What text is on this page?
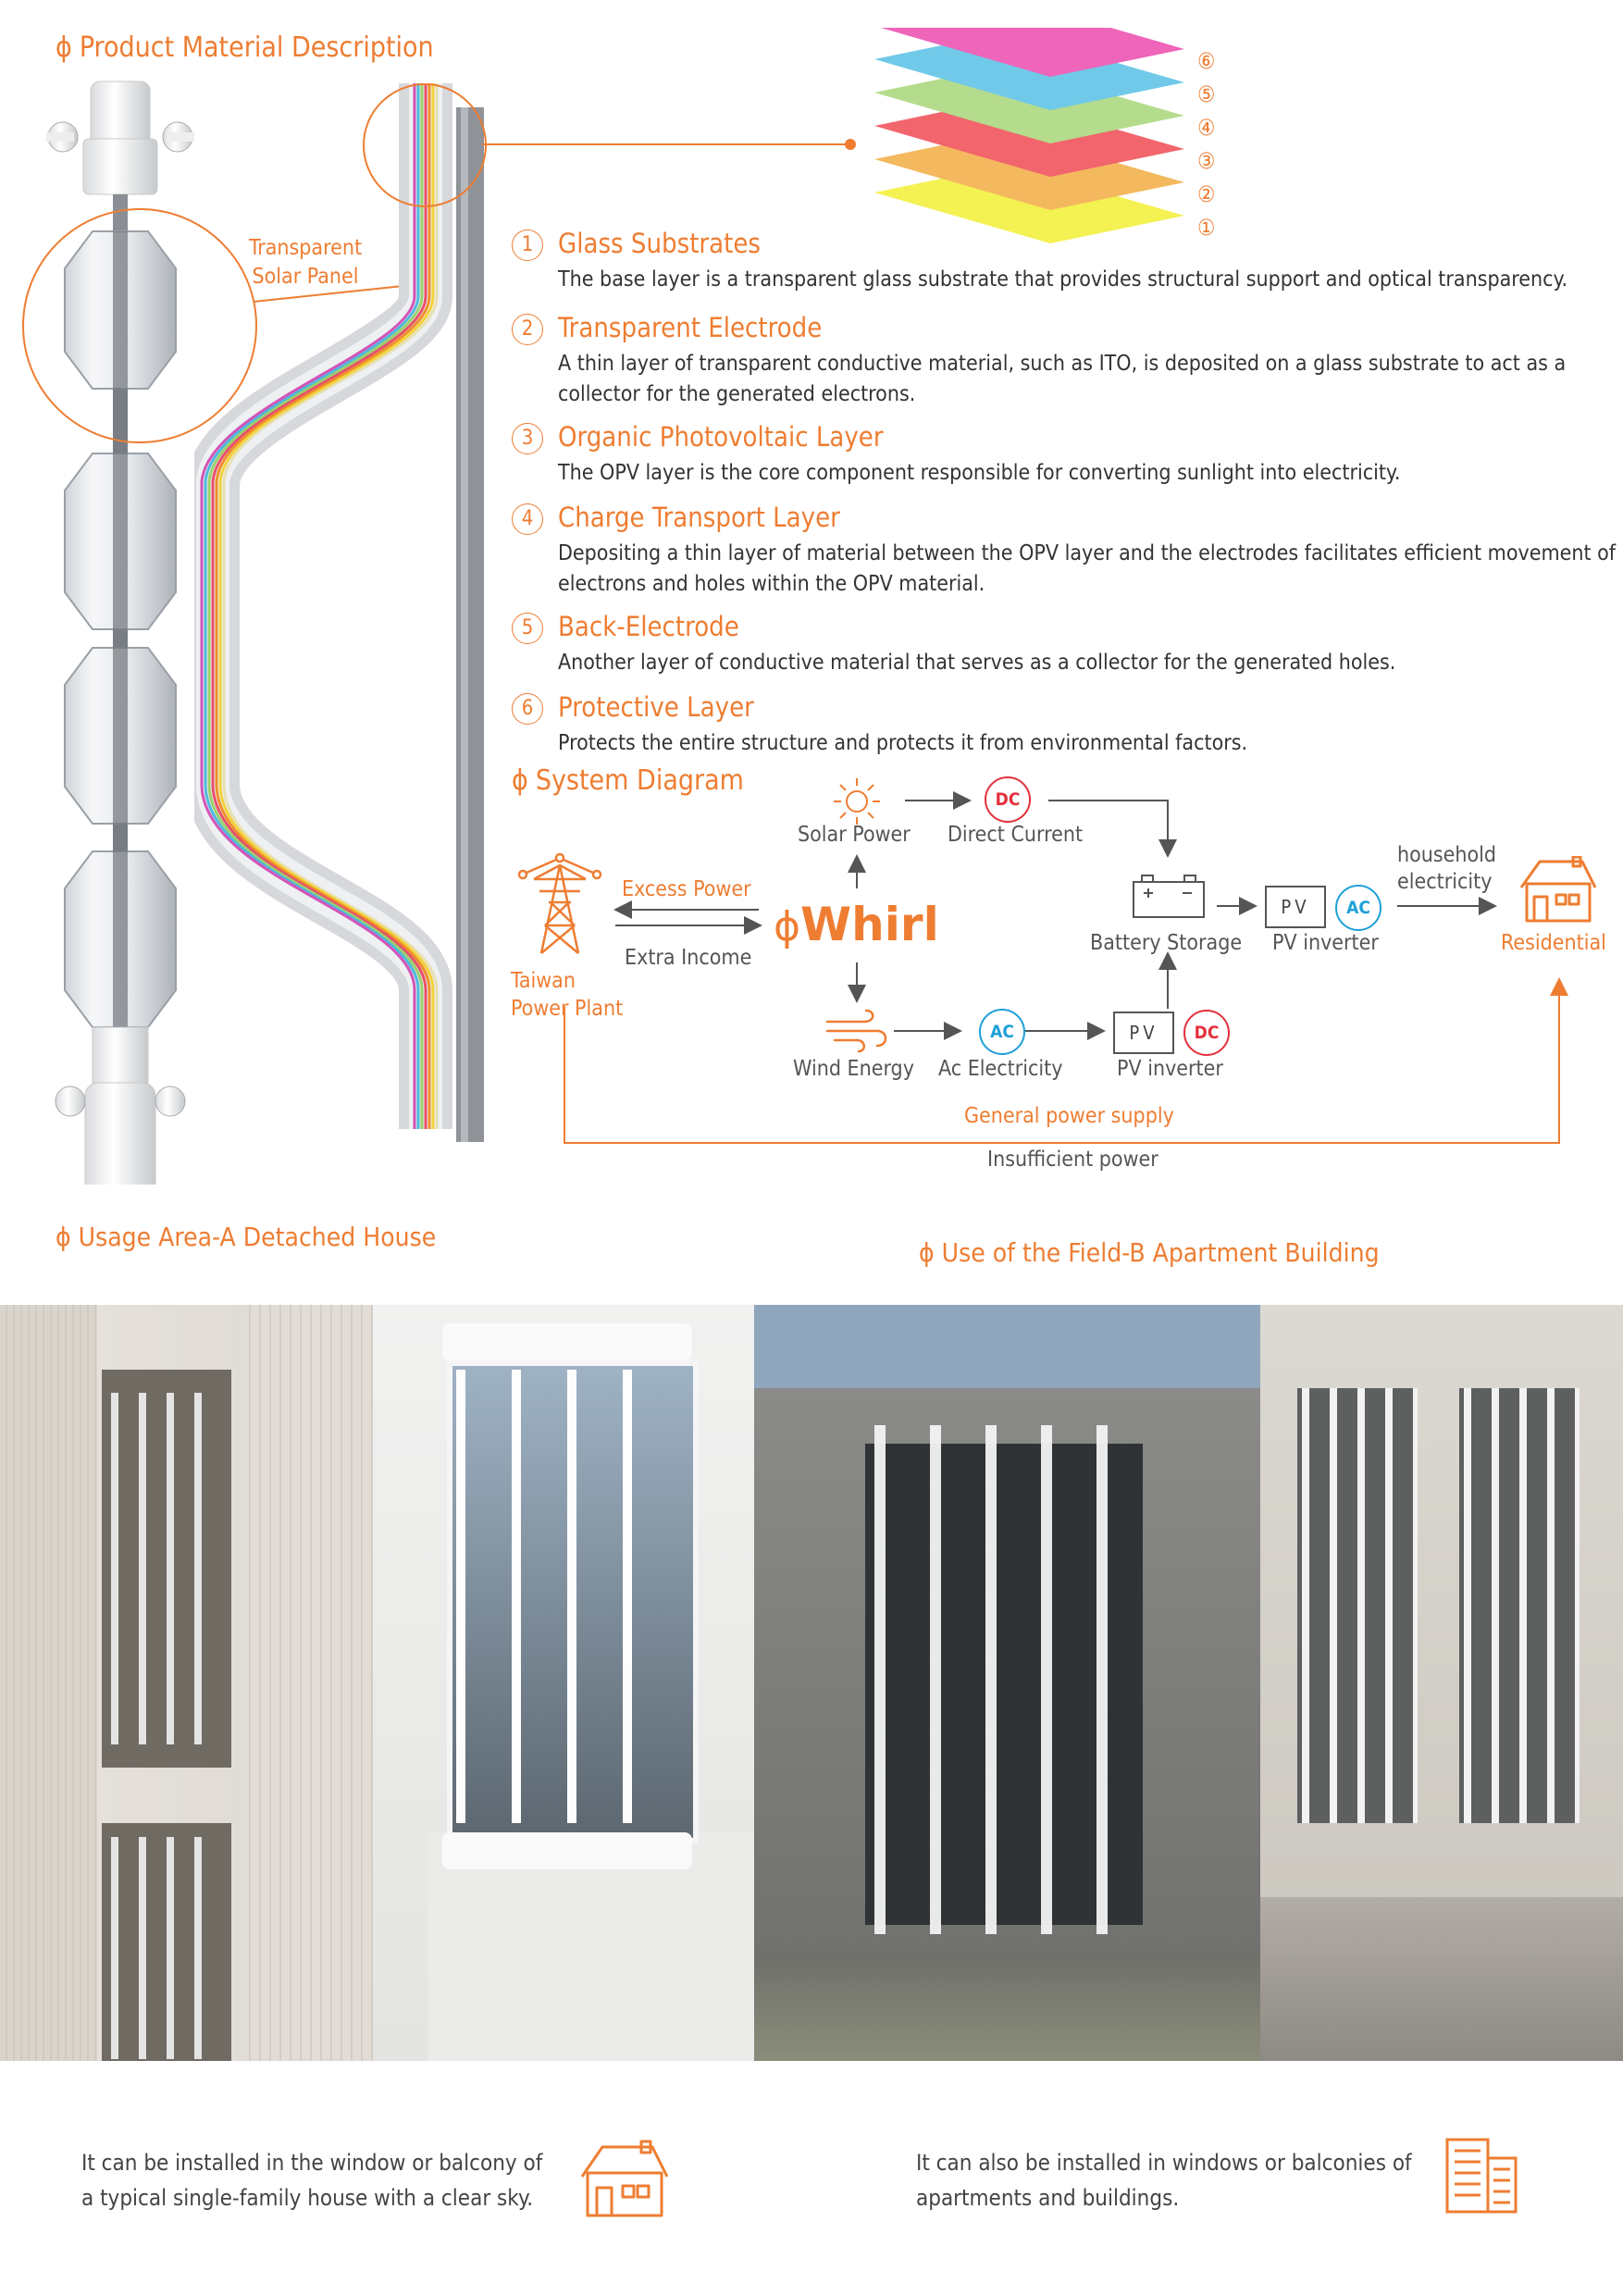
ɸ Product Material Description
Transparent
Solar Panel
⑥
⑤
④
③
②
①
1 Glass Substrates
The base layer is a transparent glass substrate that provides structural support and optical transparency.
2 Transparent Electrode
A thin layer of transparent conductive material, such as ITO, is deposited on a glass substrate to act as a collector for the generated electrons.
3 Organic Photovoltaic Layer
The OPV layer is the core component responsible for converting sunlight into electricity.
4 Charge Transport Layer
Depositing a thin layer of material between the OPV layer and the electrodes facilitates efficient movement of electrons and holes within the OPV material.
5 Back-Electrode
Another layer of conductive material that serves as a collector for the generated holes.
6 Protective Layer
Protects the entire structure and protects it from environmental factors.
ɸ System Diagram
Solar Power
DC
Direct Current
Battery Storage
PV	AC
PV inverter
household
electricity
Residential
Taiwan
Power Plant
Excess Power
Extra Income
ɸWhirl
Wind Energy
AC
Ac Electricity
PV	DC
PV inverter
General power supply
Insufficient power
ɸ Usage Area-A Detached House
ɸ Use of the Field-B Apartment Building
It can be installed in the window or balcony of
a typical single-family house with a clear sky.
It can also be installed in windows or balconies of
apartments and buildings.
